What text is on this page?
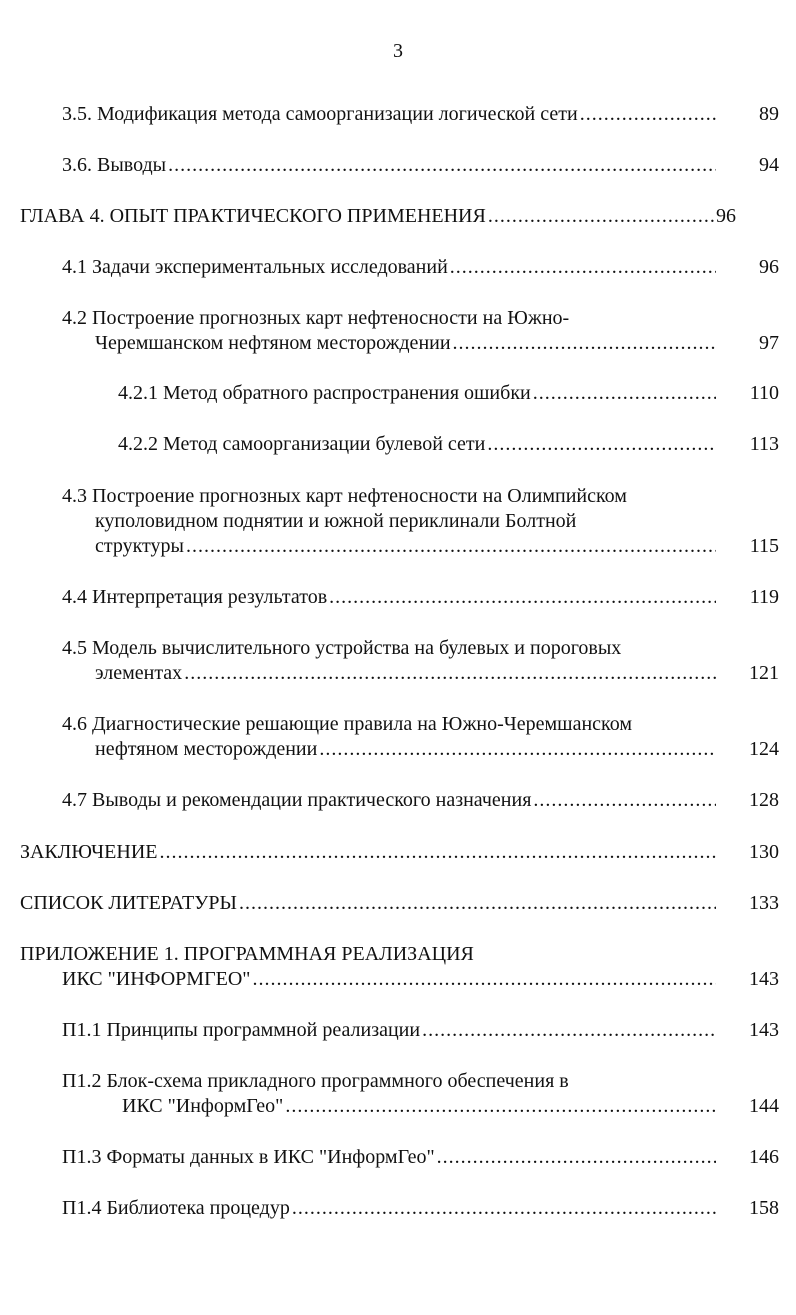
3
3.5. Модификация метода самоорганизации логической сети . . .	89
3.6. Выводы . . .	94
ГЛАВА 4. ОПЫТ ПРАКТИЧЕСКОГО ПРИМЕНЕНИЯ . . .	96
4.1 Задачи экспериментальных исследований . . .	96
4.2 Построение прогнозных карт нефтеносности на Южно-
Черемшанском нефтяном месторождении . . .	97
4.2.1 Метод обратного распространения ошибки . . .	110
4.2.2 Метод самоорганизации булевой сети . . .	113
4.3 Построение прогнозных карт нефтеносности на Олимпийском
куполовидном поднятии и южной периклинали Болтной
структуры . . .	115
4.4 Интерпретация результатов . . .	119
4.5 Модель вычислительного устройства на булевых и пороговых
элементах . . .	121
4.6 Диагностические решающие правила на Южно-Черемшанском
нефтяном месторождении . . .	124
4.7 Выводы и рекомендации практического назначения . . .	128
ЗАКЛЮЧЕНИЕ . . .	130
СПИСОК ЛИТЕРАТУРЫ . . .	133
ПРИЛОЖЕНИЕ 1. ПРОГРАММНАЯ РЕАЛИЗАЦИЯ
ИКС "ИНФОРМГЕО" . . .	143
П1.1 Принципы программной реализации . . .	143
П1.2 Блок-схема прикладного программного обеспечения в
ИКС "ИнформГео" . . .	144
П1.3 Форматы данных в ИКС "ИнформГео" . . .	146
П1.4 Библиотека процедур . . .	158
